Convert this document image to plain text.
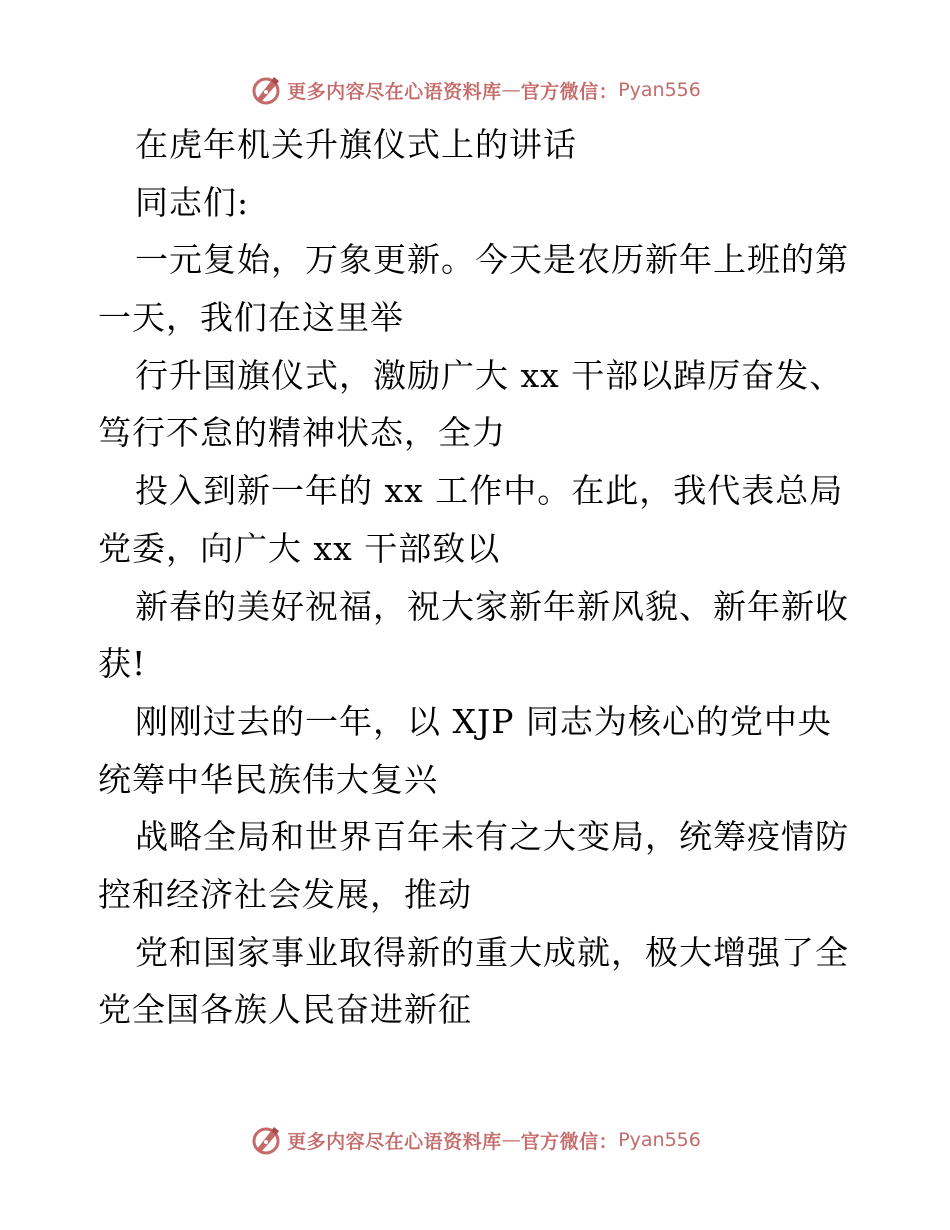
更多内容尽在心语资料库 — 官方微信： Pyan556
在虎年机关升旗仪式上的讲话
同志们:
一元复始，万象更新。今天是农历新年上班的第
一天，我们在这里举
行升国旗仪式，激励广大 xx 干部以踔厉奋发、
笃行不怠的精神状态，全力
投入到新一年的 xx 工作中。在此，我代表总局
党委，向广大 xx 干部致以
新春的美好祝福，祝大家新年新风貌、新年新收
获!
刚刚过去的一年，以 XJP 同志为核心的党中央
统筹中华民族伟大复兴
战略全局和世界百年未有之大变局，统筹疫情防
控和经济社会发展，推动
党和国家事业取得新的重大成就，极大增强了全
党全国各族人民奋进新征
更多内容尽在心语资料库 — 官方微信： Pyan556
